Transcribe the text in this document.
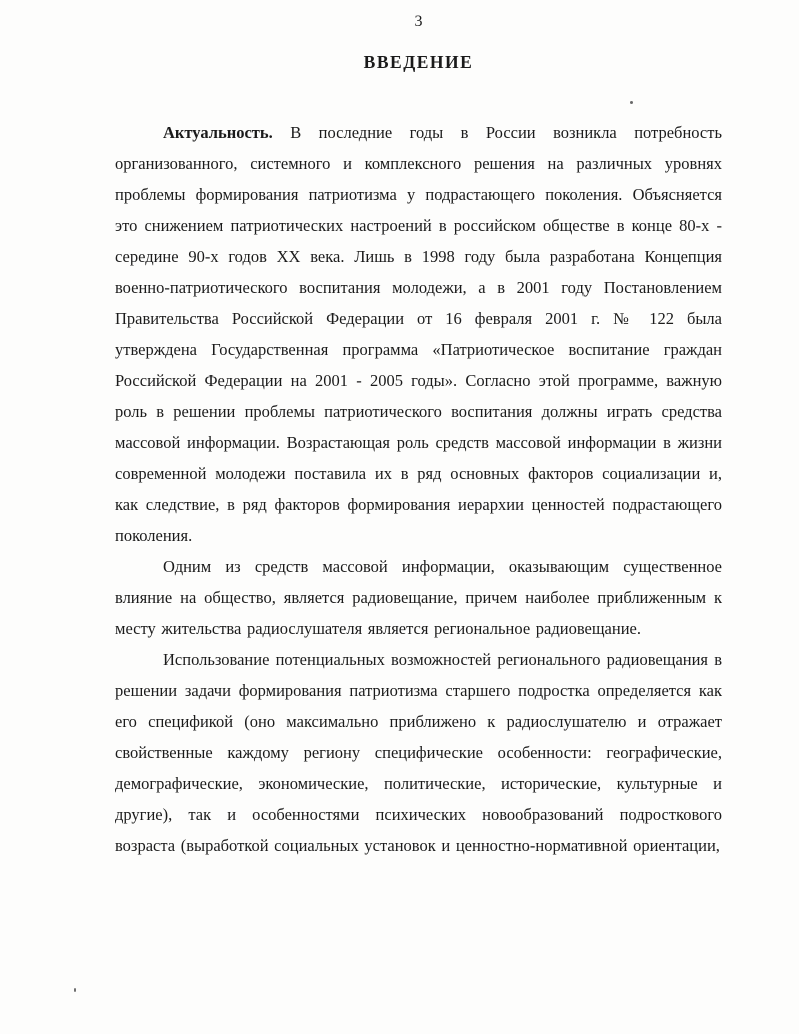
3
ВВЕДЕНИЕ

Актуальность. В последние годы в России возникла потребность организованного, системного и комплексного решения на различных уровнях проблемы формирования патриотизма у подрастающего поколения. Объясняется это снижением патриотических настроений в российском обществе в конце 80-х - середине 90-х годов XX века. Лишь в 1998 году была разработана Концепция военно-патриотического воспитания молодежи, а в 2001 году Постановлением Правительства Российской Федерации от 16 февраля 2001 г. № 122 была утверждена Государственная программа «Патриотическое воспитание граждан Российской Федерации на 2001 - 2005 годы». Согласно этой программе, важную роль в решении проблемы патриотического воспитания должны играть средства массовой информации. Возрастающая роль средств массовой информации в жизни современной молодежи поставила их в ряд основных факторов социализации и, как следствие, в ряд факторов формирования иерархии ценностей подрастающего поколения.

Одним из средств массовой информации, оказывающим существенное влияние на общество, является радиовещание, причем наиболее приближенным к месту жительства радиослушателя является региональное радиовещание.

Использование потенциальных возможностей регионального радиовещания в решении задачи формирования патриотизма старшего подростка определяется как его спецификой (оно максимально приближено к радиослушателю и отражает свойственные каждому региону специфические особенности: географические, демографические, экономические, политические, исторические, культурные и другие), так и особенностями психических новообразований подросткового возраста (выработкой социальных установок и ценностно-нормативной ориентации,
